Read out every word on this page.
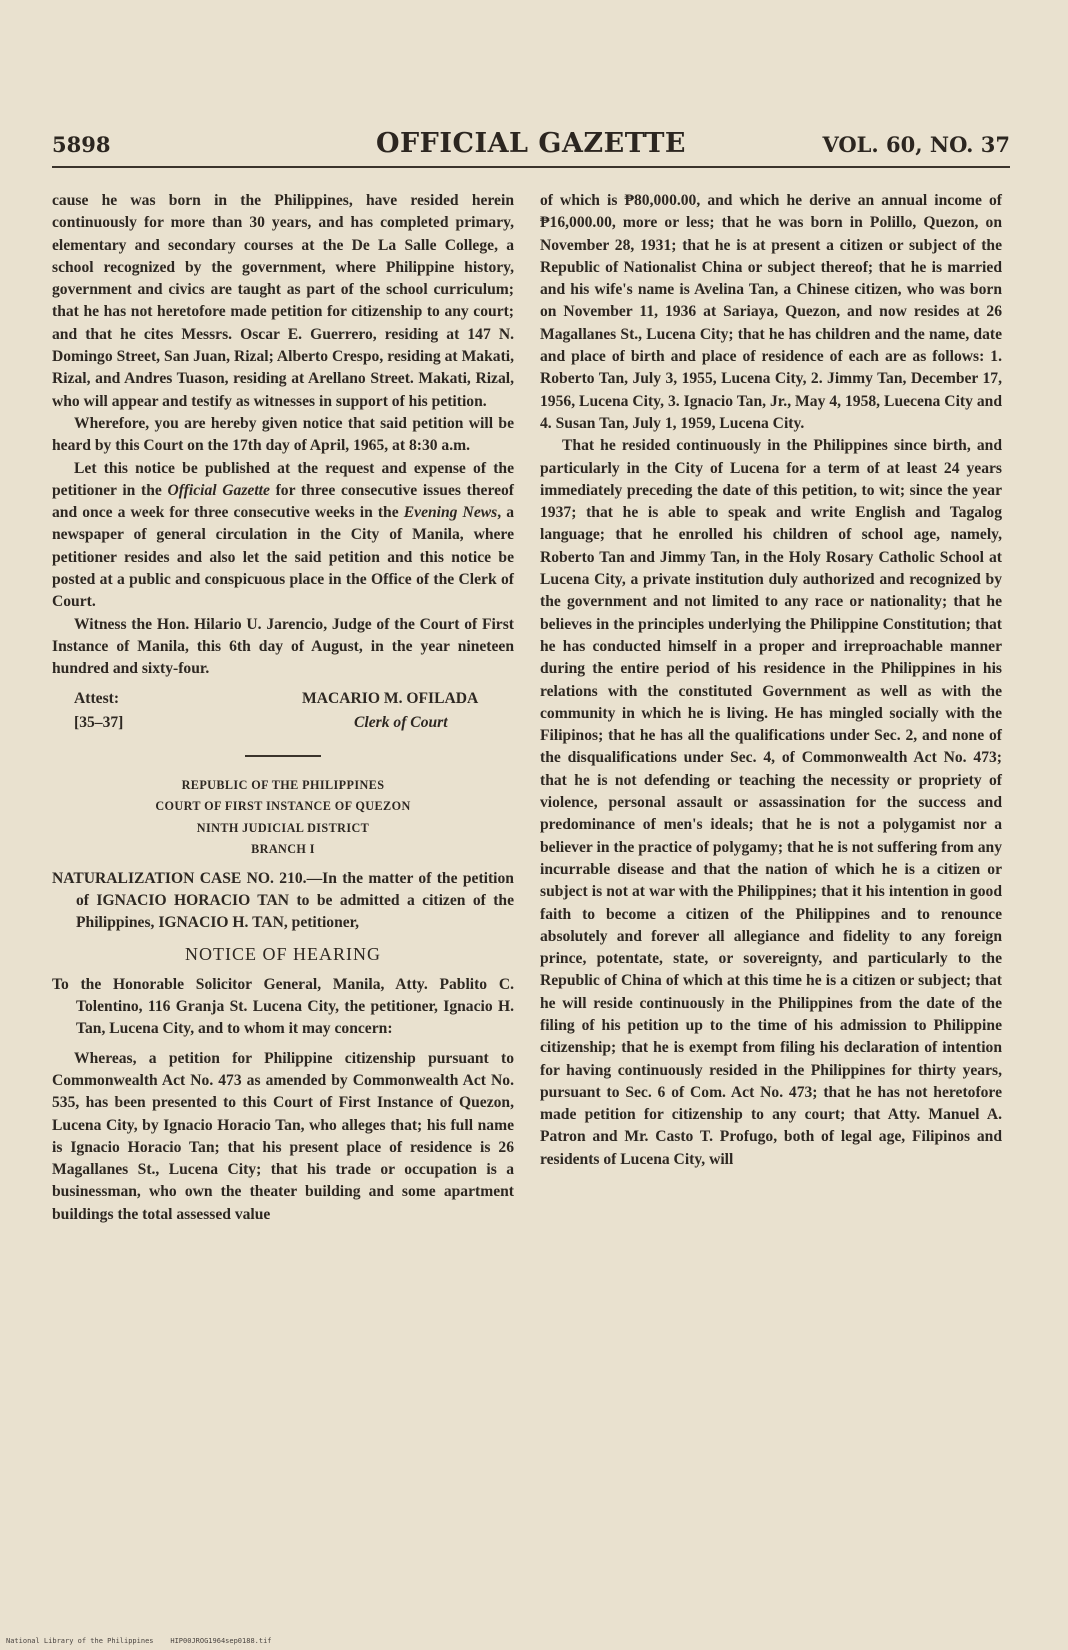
5898	OFFICIAL GAZETTE	VOL. 60, NO. 37

cause he was born in the Philippines, have resided herein continuously for more than 30 years, and has completed primary, elementary and secondary courses at the De La Salle College, a school recognized by the government, where Philippine history, government and civics are taught as part of the school curriculum; that he has not heretofore made petition for citizenship to any court; and that he cites Messrs. Oscar E. Guerrero, residing at 147 N. Domingo Street, San Juan, Rizal; Alberto Crespo, residing at Makati, Rizal, and Andres Tuason, residing at Arellano Street. Makati, Rizal, who will appear and testify as witnesses in support of his petition.

Wherefore, you are hereby given notice that said petition will be heard by this Court on the 17th day of April, 1965, at 8:30 a.m.

Let this notice be published at the request and expense of the petitioner in the Official Gazette for three consecutive issues thereof and once a week for three consecutive weeks in the Evening News, a newspaper of general circulation in the City of Manila, where petitioner resides and also let the said petition and this notice be posted at a public and conspicuous place in the Office of the Clerk of Court.

Witness the Hon. Hilario U. Jarencio, Judge of the Court of First Instance of Manila, this 6th day of August, in the year nineteen hundred and sixty-four.

Attest:
[35–37]
MACARIO M. OFILADA
Clerk of Court
REPUBLIC OF THE PHILIPPINES
COURT OF FIRST INSTANCE OF QUEZON
NINTH JUDICIAL DISTRICT
BRANCH I

NATURALIZATION CASE NO. 210.—In the matter of the petition of IGNACIO HORACIO TAN to be admitted a citizen of the Philippines, IGNACIO H. TAN, petitioner,

NOTICE OF HEARING

To the Honorable Solicitor General, Manila, Atty. Pablito C. Tolentino, 116 Granja St. Lucena City, the petitioner, Ignacio H. Tan, Lucena City, and to whom it may concern:

Whereas, a petition for Philippine citizenship pursuant to Commonwealth Act No. 473 as amended by Commonwealth Act No. 535, has been presented to this Court of First Instance of Quezon, Lucena City, by Ignacio Horacio Tan, who alleges that; his full name is Ignacio Horacio Tan; that his present place of residence is 26 Magallanes St., Lucena City; that his trade or occupation is a businessman, who own the theater building and some apartment buildings the total assessed value

of which is ₱80,000.00, and which he derive an annual income of ₱16,000.00, more or less; that he was born in Polillo, Quezon, on November 28, 1931; that he is at present a citizen or subject of the Republic of Nationalist China or subject thereof; that he is married and his wife's name is Avelina Tan, a Chinese citizen, who was born on November 11, 1936 at Sariaya, Quezon, and now resides at 26 Magallanes St., Lucena City; that he has children and the name, date and place of birth and place of residence of each are as follows: 1. Roberto Tan, July 3, 1955, Lucena City, 2. Jimmy Tan, December 17, 1956, Lucena City, 3. Ignacio Tan, Jr., May 4, 1958, Luecena City and 4. Susan Tan, July 1, 1959, Lucena City.

That he resided continuously in the Philippines since birth, and particularly in the City of Lucena for a term of at least 24 years immediately preceding the date of this petition, to wit; since the year 1937; that he is able to speak and write English and Tagalog language; that he enrolled his children of school age, namely, Roberto Tan and Jimmy Tan, in the Holy Rosary Catholic School at Lucena City, a private institution duly authorized and recognized by the government and not limited to any race or nationality; that he believes in the principles underlying the Philippine Constitution; that he has conducted himself in a proper and irreproachable manner during the entire period of his residence in the Philippines in his relations with the constituted Government as well as with the community in which he is living. He has mingled socially with the Filipinos; that he has all the qualifications under Sec. 2, and none of the disqualifications under Sec. 4, of Commonwealth Act No. 473; that he is not defending or teaching the necessity or propriety of violence, personal assault or assassination for the success and predominance of men's ideals; that he is not a polygamist nor a believer in the practice of polygamy; that he is not suffering from any incurrable disease and that the nation of which he is a citizen or subject is not at war with the Philippines; that it his intention in good faith to become a citizen of the Philippines and to renounce absolutely and forever all allegiance and fidelity to any foreign prince, potentate, state, or sovereignty, and particularly to the Republic of China of which at this time he is a citizen or subject; that he will reside continuously in the Philippines from the date of the filing of his petition up to the time of his admission to Philippine citizenship; that he is exempt from filing his declaration of intention for having continuously resided in the Philippines for thirty years, pursuant to Sec. 6 of Com. Act No. 473; that he has not heretofore made petition for citizenship to any court; that Atty. Manuel A. Patron and Mr. Casto T. Profugo, both of legal age, Filipinos and residents of Lucena City, will

National Library of the Philippines HIP00JROG1964sep0188.tif
